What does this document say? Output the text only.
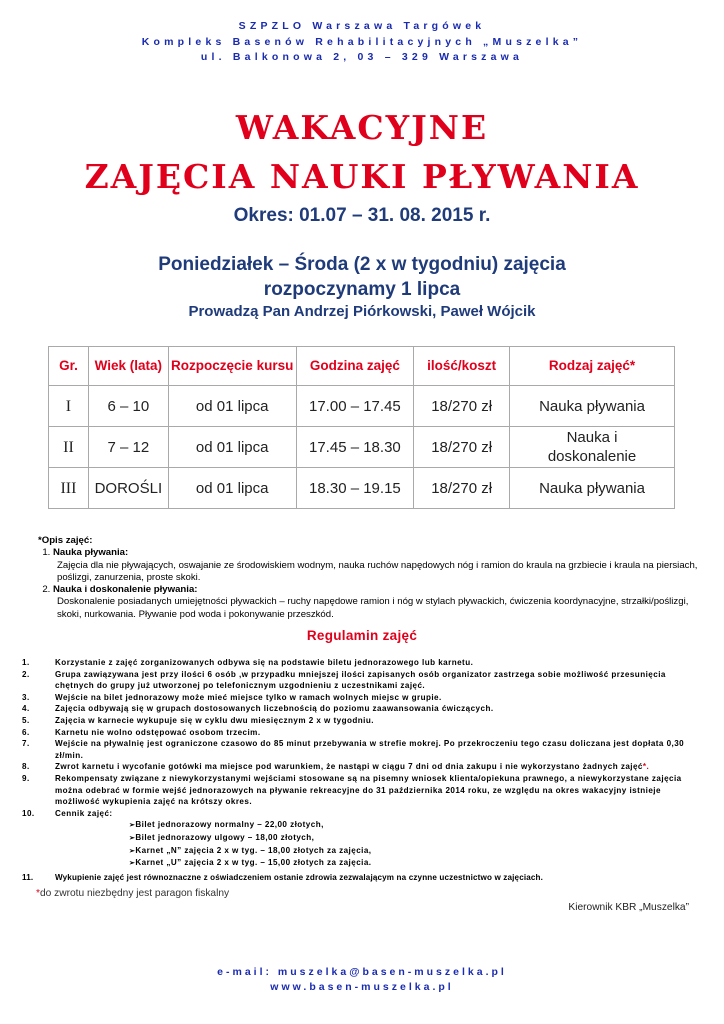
SZPZLO Warszawa Targówek
Kompleks Basenów Rehabilitacyjnych „Muszelka”
ul. Balkonowa 2, 03 – 329 Warszawa
WAKACYJNE
ZAJĘCIA NAUKI PŁYWANIA
Okres: 01.07 – 31. 08. 2015 r.
Poniedziałek – Środa (2 x w tygodniu) zajęcia
rozpoczynamy 1 lipca
Prowadzą Pan Andrzej Piórkowski, Paweł Wójcik
Gr.	Wiek (lata)	Rozpoczęcie kursu	Godzina zajęć	ilość/koszt	Rodzaj zajęć*
I	6 – 10	od 01 lipca	17.00 – 17.45	18/270 zł	Nauka pływania
II	7 – 12	od 01 lipca	17.45 – 18.30	18/270 zł	Nauka i doskonalenie
III	DOROŚLI	od 01 lipca	18.30 – 19.15	18/270 zł	Nauka pływania
*Opis zajęć:
1. Nauka pływania:
Zajęcia dla nie pływających, oswajanie ze środowiskiem wodnym, nauka ruchów napędowych nóg i ramion do kraula na grzbiecie i kraula na piersiach, poślizgi, zanurzenia, proste skoki.
2. Nauka i doskonalenie pływania:
Doskonalenie posiadanych umiejętności pływackich – ruchy napędowe ramion i nóg w stylach pływackich, ćwiczenia koordynacyjne, strzałki/poślizgi, skoki, nurkowania. Pływanie pod woda i pokonywanie przeszkód.
Regulamin zajęć
1.	Korzystanie z zajęć zorganizowanych odbywa się na podstawie biletu jednorazowego lub karnetu.
2.	Grupa zawiązywana jest przy ilości 6 osób ,w przypadku mniejszej ilości zapisanych osób organizator zastrzega sobie możliwość przesunięcia chętnych do grupy już utworzonej po telefonicznym uzgodnieniu z uczestnikami zajęć.
3.	Wejście na bilet jednorazowy może mieć miejsce tylko w ramach wolnych miejsc w grupie.
4.	Zajęcia odbywają się w grupach dostosowanych liczebnością do poziomu zaawansowania ćwiczących.
5.	Zajęcia w karnecie wykupuje się w cyklu dwu miesięcznym 2 x w tygodniu.
6.	Karnetu nie wolno odstępować osobom trzecim.
7.	Wejście na pływalnię jest ograniczone czasowo do 85 minut przebywania w strefie mokrej. Po przekroczeniu tego czasu doliczana jest dopłata 0,30 zł/min.
8.	Zwrot karnetu i wycofanie gotówki ma miejsce pod warunkiem, że nastąpi w ciągu 7 dni od dnia zakupu i nie wykorzystano żadnych zajęć*.
9.	Rekompensaty związane z niewykorzystanymi wejściami stosowane są na pisemny wniosek klienta/opiekuna prawnego, a niewykorzystane zajęcia można odebrać w formie wejść jednorazowych na pływanie rekreacyjne do 31 października 2014 roku, ze względu na okres wakacyjny istnieje możliwość wykupienia zajęć na krótszy okres.
10.	Cennik zajęć:
➢Bilet jednorazowy normalny – 22,00 złotych,
➢Bilet jednorazowy ulgowy – 18,00 złotych,
➢Karnet „N” zajęcia 2 x w tyg. – 18,00 złotych za zajęcia,
➢Karnet „U” zajęcia 2 x w tyg. – 15,00 złotych za zajęcia.
11.	Wykupienie zajęć jest równoznaczne z oświadczeniem ostanie zdrowia zezwalającym na czynne uczestnictwo w zajęciach.
*do zwrotu niezbędny jest paragon fiskalny
Kierownik KBR „Muszelka”
e-mail: muszelka@basen-muszelka.pl
www.basen-muszelka.pl
